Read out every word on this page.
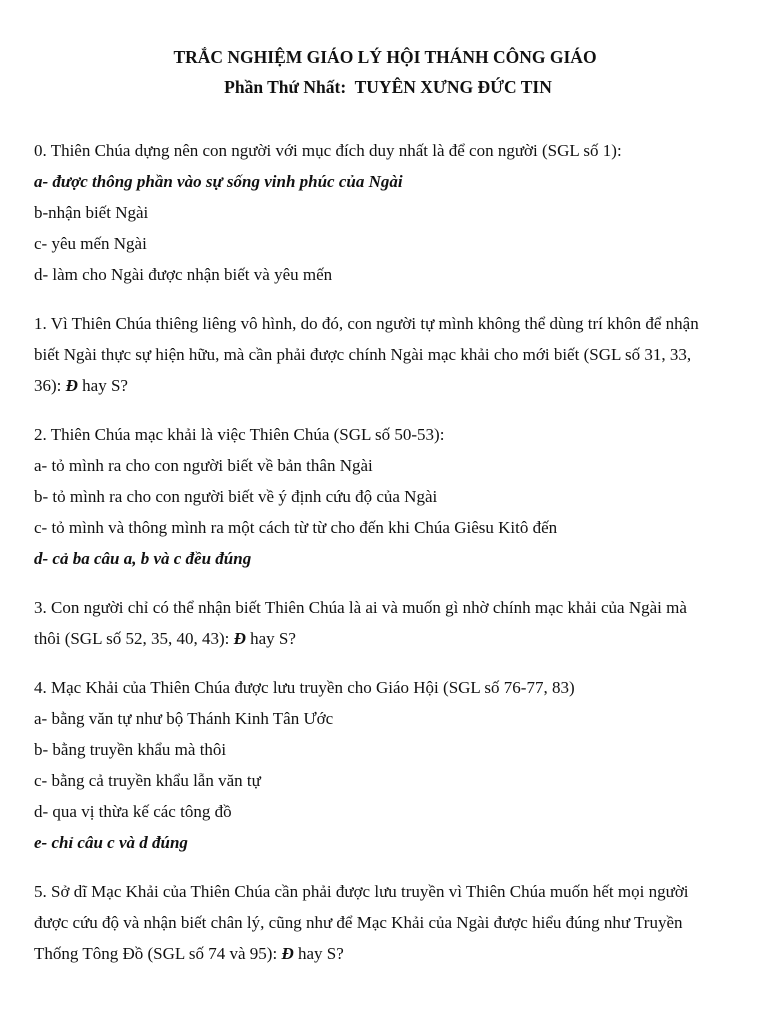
TRẮC NGHIỆM GIÁO LÝ HỘI THÁNH CÔNG GIÁO

Phần Thứ Nhất: TUYÊN XƯNG ĐỨC TIN

0. Thiên Chúa dựng nên con người với mục đích duy nhất là để con người (SGL số 1):
a- được thông phần vào sự sống vinh phúc của Ngài
b-nhận biết Ngài
c- yêu mến Ngài
d- làm cho Ngài được nhận biết và yêu mến
1. Vì Thiên Chúa thiêng liêng vô hình, do đó, con người tự mình không thể dùng trí khôn để nhận
biết Ngài thực sự hiện hữu, mà cần phải được chính Ngài mạc khải cho mới biết (SGL số 31, 33,
36): Đ hay S?
2. Thiên Chúa mạc khải là việc Thiên Chúa (SGL số 50-53):
a- tỏ mình ra cho con người biết về bản thân Ngài
b- tỏ mình ra cho con người biết về ý định cứu độ của Ngài
c- tỏ mình và thông mình ra một cách từ từ cho đến khi Chúa Giêsu Kitô đến
d- cả ba câu a, b và c đều đúng
3. Con người chỉ có thể nhận biết Thiên Chúa là ai và muốn gì nhờ chính mạc khải của Ngài mà
thôi (SGL số 52, 35, 40, 43): Đ hay S?
4. Mạc Khải của Thiên Chúa được lưu truyền cho Giáo Hội (SGL số 76-77, 83)
a- bằng văn tự như bộ Thánh Kinh Tân Ước
b- bằng truyền khẩu mà thôi
c- bằng cả truyền khẩu lẫn văn tự
d- qua vị thừa kế các tông đồ
e- chỉ câu c và d đúng
5. Sở dĩ Mạc Khải của Thiên Chúa cần phải được lưu truyền vì Thiên Chúa muốn hết mọi người
được cứu độ và nhận biết chân lý, cũng như để Mạc Khải của Ngài được hiểu đúng như Truyền
Thống Tông Đồ (SGL số 74 và 95): Đ hay S?
